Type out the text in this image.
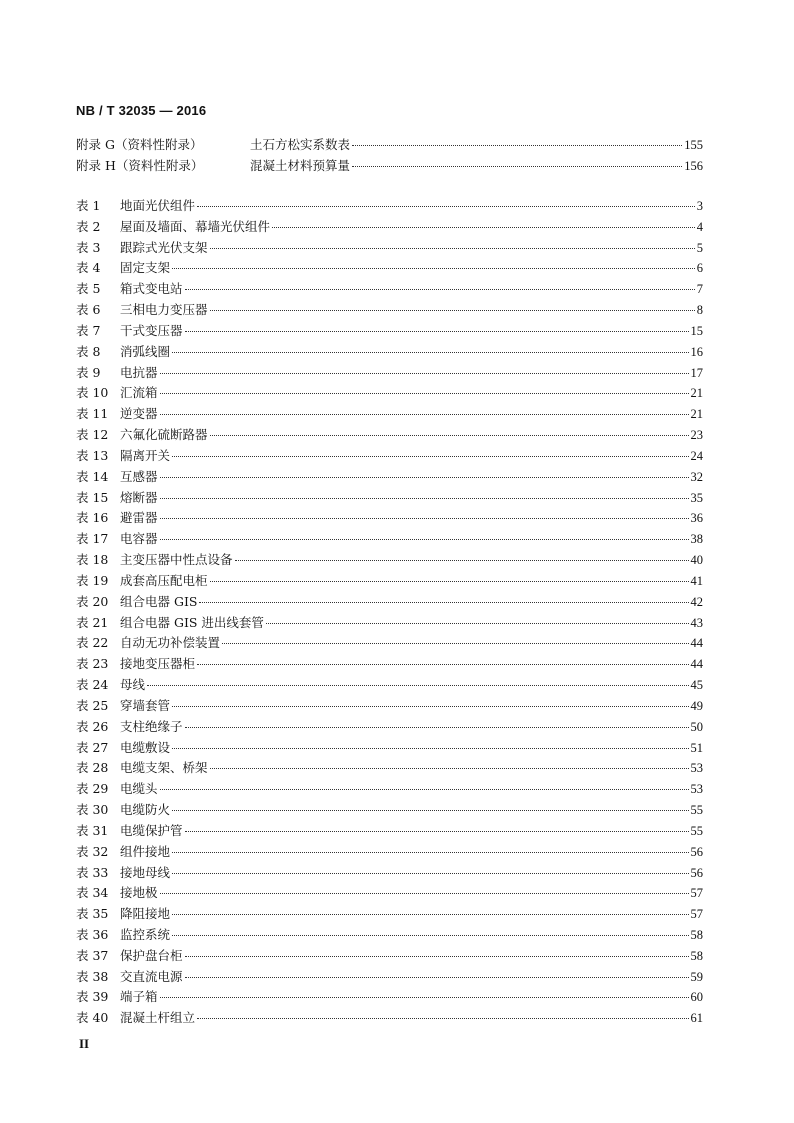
NB / T 32035 — 2016
附录 G（资料性附录）	土石方松实系数表	155
附录 H（资料性附录）	混凝土材料预算量	156
表 1	地面光伏组件	3
表 2	屋面及墙面、幕墙光伏组件	4
表 3	跟踪式光伏支架	5
表 4	固定支架	6
表 5	箱式变电站	7
表 6	三相电力变压器	8
表 7	干式变压器	15
表 8	消弧线圈	16
表 9	电抗器	17
表 10 汇流箱	21
表 11 逆变器	21
表 12 六氟化硫断路器	23
表 13 隔离开关	24
表 14 互感器	32
表 15 熔断器	35
表 16 避雷器	36
表 17 电容器	38
表 18 主变压器中性点设备	40
表 19 成套高压配电柜	41
表 20 组合电器 GIS	42
表 21 组合电器 GIS 进出线套管	43
表 22 自动无功补偿装置	44
表 23 接地变压器柜	44
表 24 母线	45
表 25 穿墙套管	49
表 26 支柱绝缘子	50
表 27 电缆敷设	51
表 28 电缆支架、桥架	53
表 29 电缆头	53
表 30 电缆防火	55
表 31 电缆保护管	55
表 32 组件接地	56
表 33 接地母线	56
表 34 接地极	57
表 35 降阻接地	57
表 36 监控系统	58
表 37 保护盘台柜	58
表 38 交直流电源	59
表 39 端子箱	60
表 40 混凝土杆组立	61
II
